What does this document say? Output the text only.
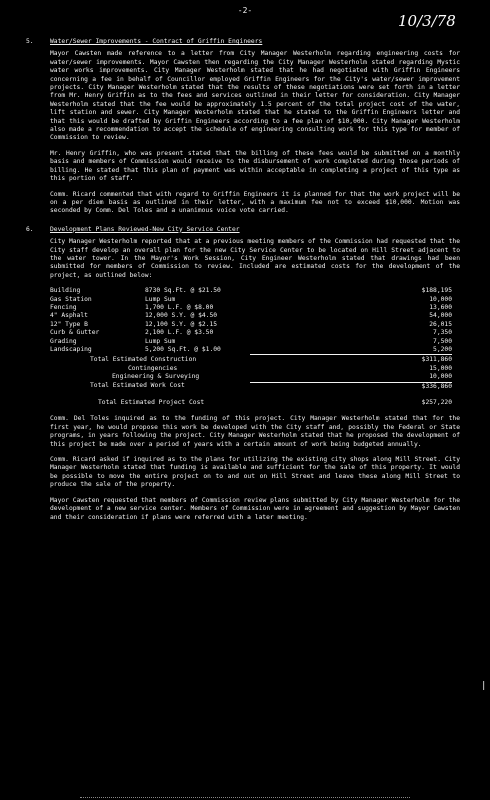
-2-
10/3/78
|
5.	Water/Sewer Improvements - Contract of Griffin Engineers

Mayor Cawsten made reference to a letter from City Manager Westerholm regarding engineering costs for water/sewer improvements. Mayor Cawsten then regarding the City Manager Westerholm stated regarding Mystic water works improvements. City Manager Westerholm stated that he had negotiated with Griffin Engineers concerning a fee in behalf of Councillor employed Griffin Engineers for the City's water/sewer improvement projects. City Manager Westerholm stated that the results of these negotiations were set forth in a letter from Mr. Henry Griffin as to the fees and services outlined in their letter for consideration. City Manager Westerholm stated that the fee would be approximately 1.5 percent of the total project cost of the water, lift station and sewer. City Manager Westerholm stated that he stated to the Griffin Engineers letter and that this would be drafted by Griffin Engineers according to a fee plan of $10,000. City Manager Westerholm also made a recommendation to accept the schedule of engineering consulting work for this type for member of Commission to review.

Mr. Henry Griffin, who was present stated that the billing of these fees would be submitted on a monthly basis and members of Commission would receive to the disbursement of work completed during those periods of billing. He stated that this plan of payment was within acceptable in completing a project of this type as this portion of staff.

Comm. Ricard commented that with regard to Griffin Engineers it is planned for that the work project will be on a per diem basis as outlined in their letter, with a maximum fee not to exceed $10,000. Motion was seconded by Comm. Del Toles and a unanimous voice vote carried.

6.	Development Plans Reviewed-New City Service Center

City Manager Westerholm reported that at a previous meeting members of the Commission had requested that the City staff develop an overall plan for the new City Service Center to be located on Hill Street adjacent to the water tower. In the Mayor's Work Session, City Engineer Westerholm stated that drawings had been submitted for members of Commission to review. Included are estimated costs for the development of the project, as outlined below:

Building	8730 Sq.Ft. @ $21.50	$188,195
Gas Station	Lump Sum	10,000
Fencing	1,700 L.F. @ $8.00	13,600
4" Asphalt	12,000 S.Y. @ $4.50	54,000
12" Type B	12,100 S.Y. @ $2.15	26,015
Curb & Gutter	2,100 L.F. @ $3.50	7,350
Grading	Lump Sum	7,500
Landscaping	5,200 Sq.Ft. @ $1.00	5,200
Total Estimated Construction		$311,860
Contingencies		15,000
Engineering & Surveying		10,000
Total Estimated Work Cost		$336,860

Total Estimated Project Cost		$257,220

Comm. Del Toles inquired as to the funding of this project. City Manager Westerholm stated that for the first year, he would propose this work be developed with the City staff and, possibly the Federal or State programs, in years following the project. City Manager Westerholm stated that he proposed the development of this project be made over a period of years with a certain amount of work being budgeted annually.

Comm. Ricard asked if inquired as to the plans for utilizing the existing city shops along Mill Street. City Manager Westerholm stated that funding is available and sufficient for the sale of this property. It would be possible to move the entire project on to and out on Hill Street and leave these along Mill Street to produce the sale of the property.

Mayor Cawsten requested that members of Commission review plans submitted by City Manager Westerholm for the development of a new service center. Members of Commission were in agreement and suggestion by Mayor Cawsten and their consideration if plans were referred with a later meeting.
